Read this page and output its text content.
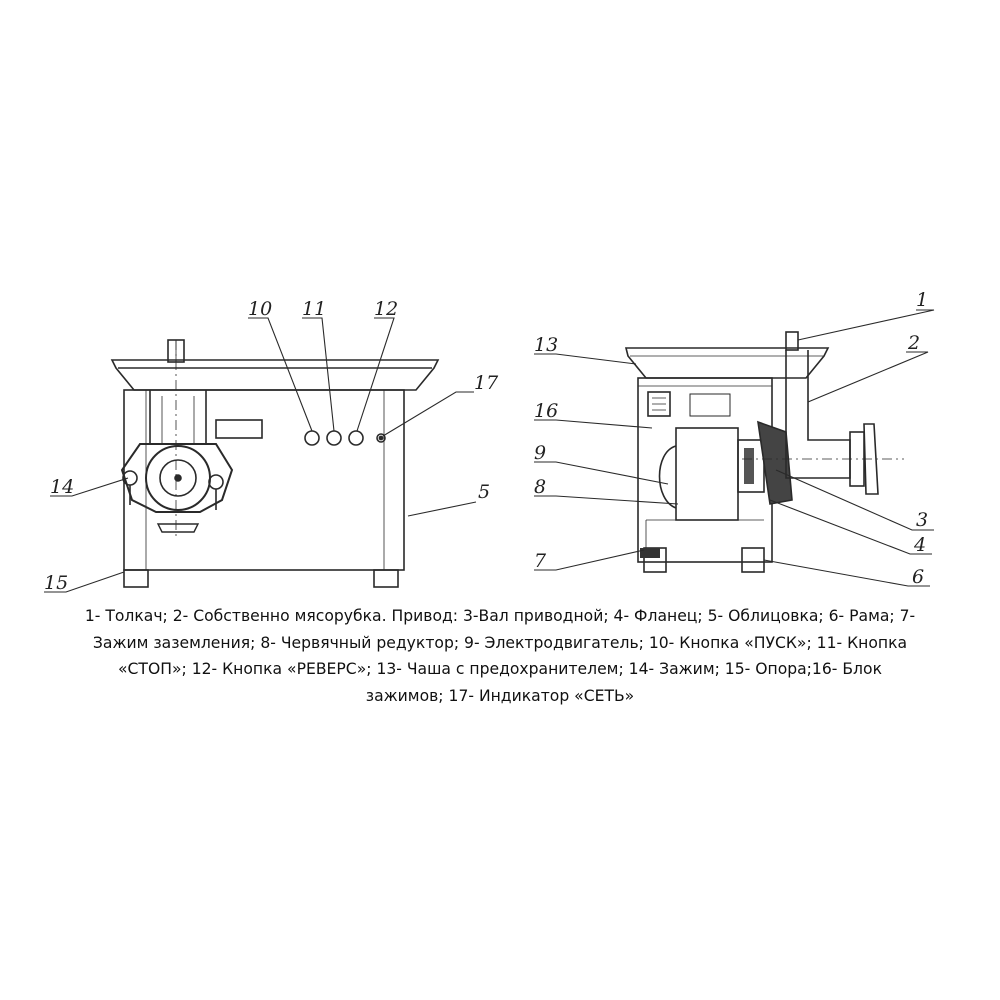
10 11	12
17
14	5
15
1
2
13
16
9
8
3
4
7
6
1- Толкач; 2- Собственно мясорубка. Привод: 3-Вал приводной; 4- Фланец; 5- Облицовка; 6- Рама; 7-
Зажим заземления; 8- Червячный редуктор; 9- Электродвигатель; 10- Кнопка «ПУСК»; 11- Кнопка
«СТОП»; 12- Кнопка «РЕВЕРС»; 13- Чаша с предохранителем; 14- Зажим; 15- Опора;16- Блок
зажимов; 17- Индикатор «СЕТЬ»
